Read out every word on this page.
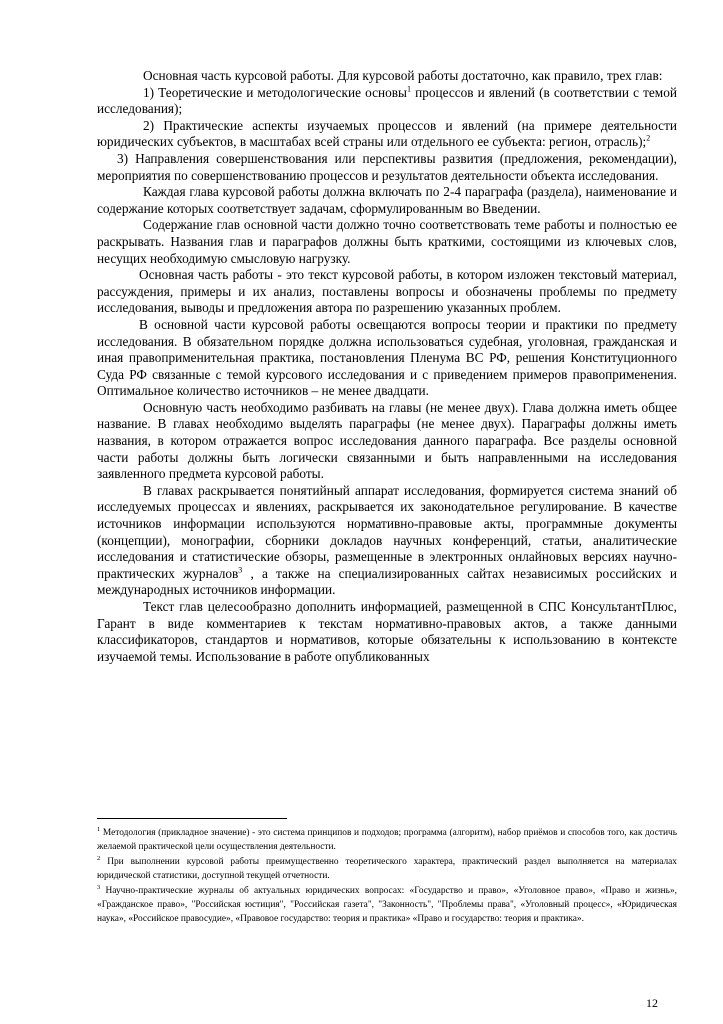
Основная часть курсовой работы. Для курсовой работы достаточно, как правило, трех глав:

1) Теоретические и методологические основы$^1$ процессов и явлений (в соответствии с темой исследования);

2) Практические аспекты изучаемых процессов и явлений (на примере деятельности юридических субъектов, в масштабах всей страны или отдельного ее субъекта: регион, отрасль);$^2$

3) Направления совершенствования или перспективы развития (предложения, рекомендации), мероприятия по совершенствованию процессов и результатов деятельности объекта исследования.

Каждая глава курсовой работы должна включать по 2-4 параграфа (раздела), наименование и содержание которых соответствует задачам, сформулированным во Введении.

Содержание глав основной части должно точно соответствовать теме работы и полностью ее раскрывать. Названия глав и параграфов должны быть краткими, состоящими из ключевых слов, несущих необходимую смысловую нагрузку.

Основная часть работы - это текст курсовой работы, в котором изложен текстовый материал, рассуждения, примеры и их анализ, поставлены вопросы и обозначены проблемы по предмету исследования, выводы и предложения автора по разрешению указанных проблем.

В основной части курсовой работы освещаются вопросы теории и практики по предмету исследования. В обязательном порядке должна использоваться судебная, уголовная, гражданская и иная правоприменительная практика, постановления Пленума ВС РФ, решения Конституционного Суда РФ связанные с темой курсового исследования и с приведением примеров правоприменения. Оптимальное количество источников – не менее двадцати.

Основную часть необходимо разбивать на главы (не менее двух). Глава должна иметь общее название. В главах необходимо выделять параграфы (не менее двух). Параграфы должны иметь названия, в котором отражается вопрос исследования данного параграфа. Все разделы основной части работы должны быть логически связанными и быть направленными на исследования заявленного предмета курсовой работы.

В главах раскрывается понятийный аппарат исследования, формируется система знаний об исследуемых процессах и явлениях, раскрывается их законодательное регулирование. В качестве источников информации используются нормативно-правовые акты, программные документы (концепции), монографии, сборники докладов научных конференций, статьи, аналитические исследования и статистические обзоры, размещенные в электронных онлайновых версиях научно-практических журналов$^3$ , а также на специализированных сайтах независимых российских и международных источников информации.

Текст глав целесообразно дополнить информацией, размещенной в СПС КонсультантПлюс, Гарант в виде комментариев к текстам нормативно-правовых актов, а также данными классификаторов, стандартов и нормативов, которые обязательны к использованию в контексте изучаемой темы. Использование в работе опубликованных

$^1$ Методология (прикладное значение) - это система принципов и подходов; программа (алгоритм), набор приёмов и способов того, как достичь желаемой практической цели осуществления деятельности.

$^2$ При выполнении курсовой работы преимущественно теоретического характера, практический раздел выполняется на материалах юридической статистики, доступной текущей отчетности.

$^3$ Научно-практические журналы об актуальных юридических вопросах: «Государство и право», «Уголовное право», «Право и жизнь», «Гражданское право», "Российская юстиция", "Российская газета", "Законность", "Проблемы права", «Уголовный процесс», «Юридическая наука», «Российское правосудие», «Правовое государство: теория и практика» «Право и государство: теория и практика».

12
